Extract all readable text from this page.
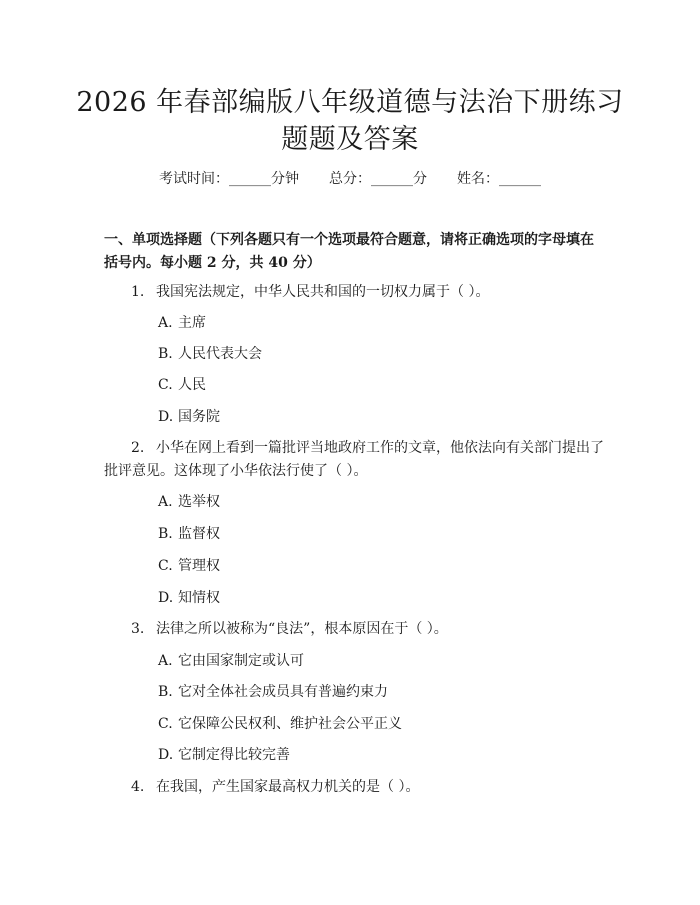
2026 年春部编版八年级道德与法治下册练习
题题及答案
考试时间：______分钟 总分：______分 姓名：______
一、单项选择题（下列各题只有一个选项最符合题意，请将正确选项的字母填在
括号内。每小题 2 分，共 40 分）
1. 我国宪法规定，中华人民共和国的一切权力属于（ ）。
A. 主席
B. 人民代表大会
C. 人民
D. 国务院
2. 小华在网上看到一篇批评当地政府工作的文章，他依法向有关部门提出了
批评意见。这体现了小华依法行使了（ ）。
A. 选举权
B. 监督权
C. 管理权
D. 知情权
3. 法律之所以被称为“良法”，根本原因在于（ ）。
A. 它由国家制定或认可
B. 它对全体社会成员具有普遍约束力
C. 它保障公民权利、维护社会公平正义
D. 它制定得比较完善
4. 在我国，产生国家最高权力机关的是（ ）。
